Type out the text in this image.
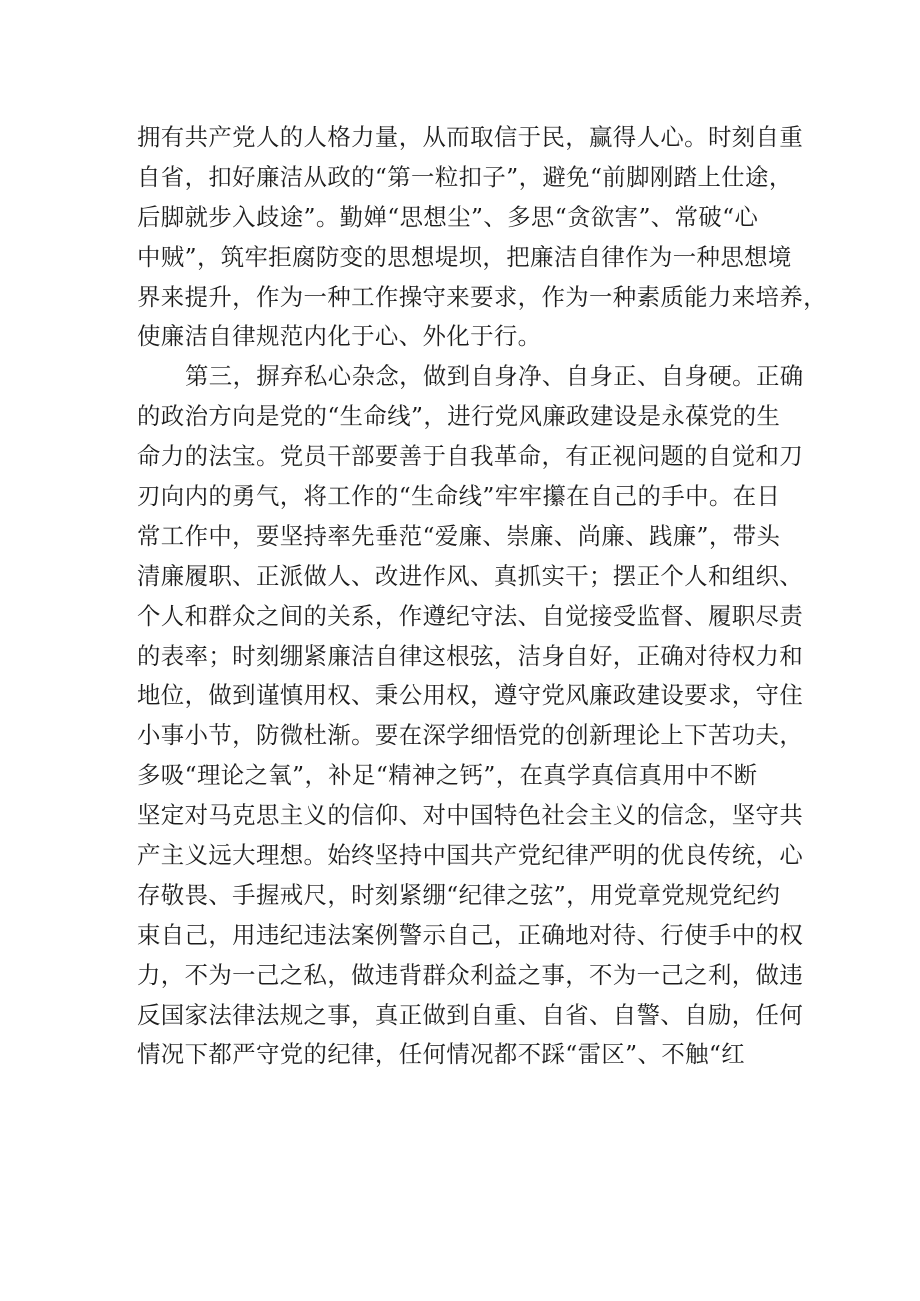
拥有共产党人的人格力量，从而取信于民，赢得人心。时刻自重
自省，扣好廉洁从政的“第一粒扣子”，避免“前脚刚踏上仕途，
后脚就步入歧途”。勤婵“思想尘”、多思“贪欲害”、常破“心
中贼”，筑牢拒腐防变的思想堤坝，把廉洁自律作为一种思想境
界来提升，作为一种工作操守来要求，作为一种素质能力来培养，
使廉洁自律规范内化于心、外化于行。
第三，摒弃私心杂念，做到自身净、自身正、自身硬。正确
的政治方向是党的“生命线”，进行党风廉政建设是永葆党的生
命力的法宝。党员干部要善于自我革命，有正视问题的自觉和刀
刃向内的勇气，将工作的“生命线”牢牢攥在自己的手中。在日
常工作中，要坚持率先垂范“爱廉、崇廉、尚廉、践廉”，带头
清廉履职、正派做人、改进作风、真抓实干；摆正个人和组织、
个人和群众之间的关系，作遵纪守法、自觉接受监督、履职尽责
的表率；时刻绷紧廉洁自律这根弦，洁身自好，正确对待权力和
地位，做到谨慎用权、秉公用权，遵守党风廉政建设要求，守住
小事小节，防微杜渐。要在深学细悟党的创新理论上下苦功夫，
多吸“理论之氧”，补足“精神之钙”，在真学真信真用中不断
坚定对马克思主义的信仰、对中国特色社会主义的信念，坚守共
产主义远大理想。始终坚持中国共产党纪律严明的优良传统，心
存敬畏、手握戒尺，时刻紧绷“纪律之弦”，用党章党规党纪约
束自己，用违纪违法案例警示自己，正确地对待、行使手中的权
力，不为一己之私，做违背群众利益之事，不为一己之利，做违
反国家法律法规之事，真正做到自重、自省、自警、自励，任何
情况下都严守党的纪律，任何情况都不踩“雷区”、不触“红
